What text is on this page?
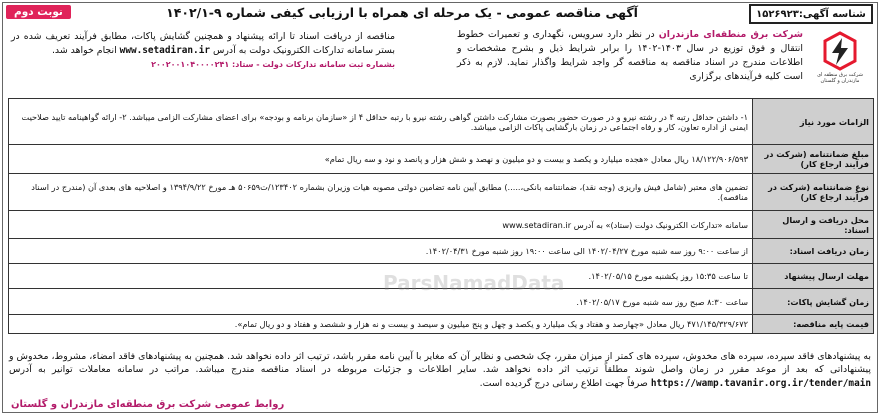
شناسه آگهی:۱۵۲۶۹۲۳
آگهی مناقصه عمومی - یک مرحله ای همراه با ارزیابی کیفی شماره ۹-۱۴۰۲/۱
نوبت دوم
شرکت برق منطقه ای مازندران و گلستان
شرکت برق منطقه‌ای مازندران در نظر دارد سرویس، نگهداری و تعمیرات خطوط انتقال و فوق توزیع در سال ۱۴۰۳-۱۴۰۲ را برابر شرایط ذیل و بشرح مشخصات و اطلاعات مندرج در اسناد مناقصه به مناقصه گر واجد شرایط واگذار نماید. لازم به ذکر است کلیه فرآیندهای برگزاری
مناقصه از دریافت اسناد تا ارائه پیشنهاد و همچنین گشایش پاکات، مطابق فرآیند تعریف شده در بستر سامانه تدارکات الکترونیک دولت به آدرس www.setadiran.ir انجام خواهد شد.
بشماره ثبت سامانه تدارکات دولت - ستاد: ۲۰۰۲۰۰۱۰۴۰۰۰۰۲۴۱
الزامات مورد نیاز	۱- داشتن حداقل رتبه ۴ در رشته نیرو و در صورت حضور بصورت مشارکت داشتن گواهی رشته نیرو با رتبه حداقل ۴ از «سازمان برنامه و بودجه» برای اعضای مشارکت الزامی میباشد. ۲- ارائه گواهینامه تایید صلاحیت ایمنی از اداره تعاون، کار و رفاه اجتماعی در زمان بارگشایی پاکات الزامی میباشد.
مبلغ ضمانتنامه (شرکت در فرآیند ارجاع کار)	۱۸/۱۲۲/۹۰۶/۵۹۳ ریال معادل «هجده میلیارد و یکصد و بیست و دو میلیون و نهصد و شش هزار و پانصد و نود و سه ریال تمام»
نوع ضمانتنامه (شرکت در فرآیند ارجاع کار)	تضمین های معتبر (شامل فیش واریزی (وجه نقد)، ضمانتنامه بانکی،.....) مطابق آیین نامه تضامین دولتی مصوبه هیات وزیران بشماره ۱۲۳۴۰۲/ت۵۰۶۵۹ هـ مورخ ۱۳۹۴/۹/۲۲ و اصلاحیه های بعدی آن (مندرج در اسناد مناقصه).
محل دریافت و ارسال اسناد:	سامانه «تدارکات الکترونیک دولت (ستاد)» به آدرس www.setadiran.ir
زمان دریافت اسناد:	از ساعت ۹:۰۰ روز سه شنبه مورخ ۱۴۰۲/۰۴/۲۷ الی ساعت ۱۹:۰۰ روز شنبه مورخ ۱۴۰۲/۰۴/۳۱.
مهلت ارسال پیشنهاد	تا ساعت ۱۵:۳۵ روز یکشنبه مورخ ۱۴۰۲/۰۵/۱۵.
زمان گشایش پاکات:	ساعت ۸:۳۰ صبح روز سه شنبه مورخ ۱۴۰۲/۰۵/۱۷.
قیمت پایه مناقصه:	۴۷۱/۱۴۵/۳۲۹/۶۷۲ ریال معادل «چهارصد و هفتاد و یک میلیارد و یکصد و چهل و پنج میلیون و سیصد و بیست و نه هزار و ششصد و هفتاد و دو ریال تمام».
ParsNamadData
به پیشنهادهای فاقد سپرده، سپرده های مخدوش، سپرده های کمتر از میزان مقرر، چک شخصی و نظایر آن که مغایر با آیین نامه مقرر باشد، ترتیب اثر داده نخواهد شد. همچنین به پیشنهادهای فاقد امضاء، مشروط، مخدوش و پیشنهاداتی که بعد از موعد مقرر در زمان واصل شوند مطلقاً ترتیب اثر داده نخواهد شد. سایر اطلاعات و جزئیات مربوطه در اسناد مناقصه مندرج میباشد. مراتب در سامانه معاملات توانیر به آدرس https://wamp.tavanir.org.ir/tender/main صرفاً جهت اطلاع رسانی درج گردیده است.
روابط عمومی شرکت برق منطقه‌ای مازندران و گلستان
